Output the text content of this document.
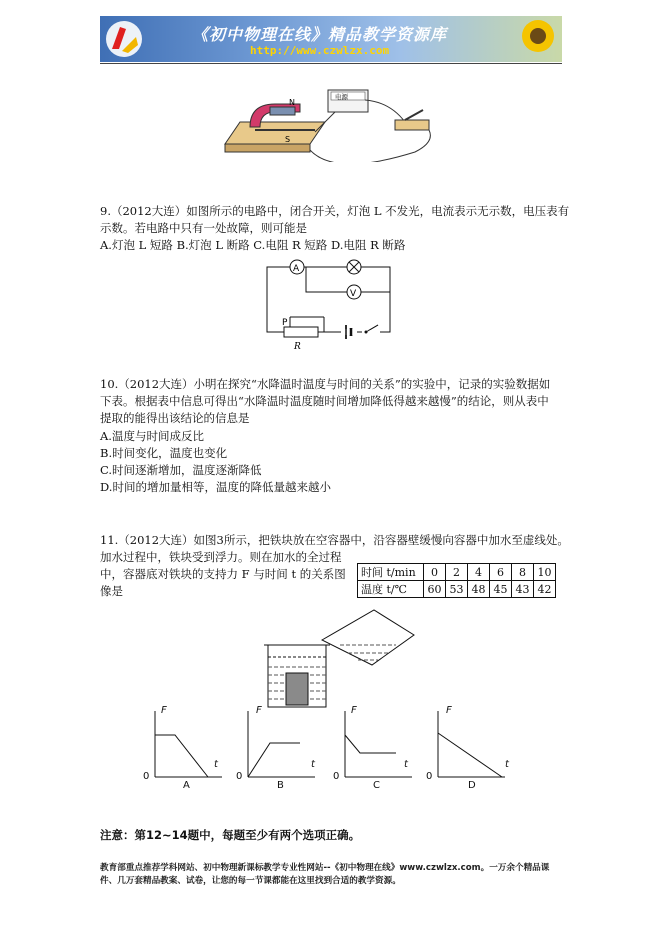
《初中物理在线》精品教学资源库
http://www.czwlzx.com
N
S
电源
9.（2012大连）如图所示的电路中，闭合开关，灯泡 L 不发光，电流表示无示数，电压表有
示数。若电路中只有一处故障，则可能是
A.灯泡 L 短路 B.灯泡 L 断路 C.电阻 R 短路 D.电阻 R 断路
A
V
P
R
10.（2012大连）小明在探究“水降温时温度与时间的关系”的实验中，记录的实验数据如
下表。根据表中信息可得出“水降温时温度随时间增加降低得越来越慢”的结论，则从表中
提取的能得出该结论的信息是
A.温度与时间成反比
B.时间变化，温度也变化
C.时间逐渐增加，温度逐渐降低
D.时间的增加量相等，温度的降低量越来越小
11.（2012大连）如图3所示，把铁块放在空容器中，沿容器壁缓慢向容器中加水至虚线处。
加水过程中，铁块受到浮力。则在加水的全过程
中，容器底对铁块的支持力 F 与时间 t 的关系图
像是
时间 t/min	0	2	4	6	8	10
温度 t/℃	60	53	48	45	43	42
F	F	F	F
t	t	t	t
0	0	0	0
A	B	C	D
注意：第12~14题中，每题至少有两个选项正确。
教育部重点推荐学科网站、初中物理新课标教学专业性网站--《初中物理在线》www.czwlzx.com。一万余个精品课件、几万套精品教案、试卷，让您的每一节课都能在这里找到合适的教学资源。
